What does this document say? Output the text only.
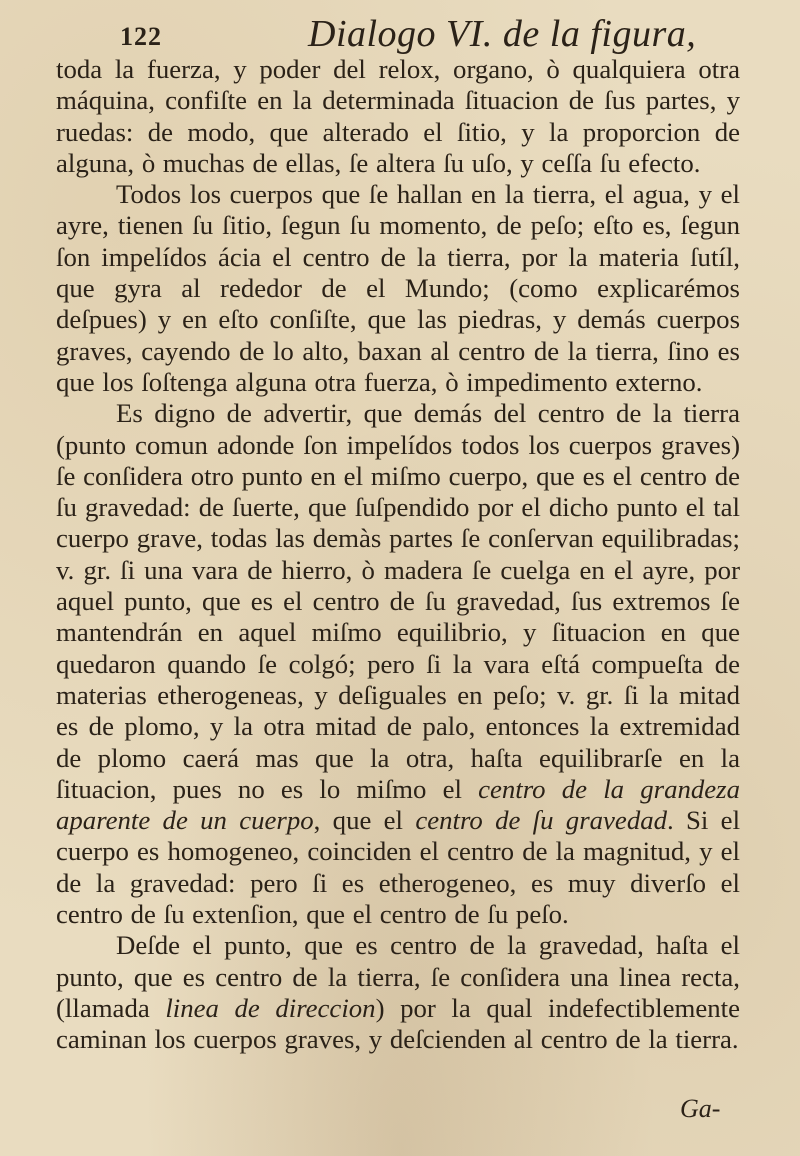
122	Dialogo VI. de la figura,

toda la fuerza, y poder del relox, organo, ò qualquiera otra máquina, confiſte en la determinada ſituacion de ſus partes, y ruedas: de modo, que alterado el ſitio, y la proporcion de alguna, ò muchas de ellas, ſe altera ſu uſo, y ceſſa ſu efecto.

Todos los cuerpos que ſe hallan en la tierra, el agua, y el ayre, tienen ſu ſitio, ſegun ſu momento, de peſo; eſto es, ſegun ſon impelídos ácia el centro de la tierra, por la materia ſutíl, que gyra al rededor de el Mundo; (como explicarémos deſpues) y en eſto conſiſte, que las piedras, y demás cuerpos graves, cayendo de lo alto, baxan al centro de la tierra, ſino es que los ſoſtenga alguna otra fuerza, ò impedimento externo.

Es digno de advertir, que demás del centro de la tierra (punto comun adonde ſon impelídos todos los cuerpos graves) ſe conſidera otro punto en el miſmo cuerpo, que es el centro de ſu gravedad: de ſuerte, que ſuſpendido por el dicho punto el tal cuerpo grave, todas las demàs partes ſe conſervan equilibradas; v. gr. ſi una vara de hierro, ò madera ſe cuelga en el ayre, por aquel punto, que es el centro de ſu gravedad, ſus extremos ſe mantendrán en aquel miſmo equilibrio, y ſituacion en que quedaron quando ſe colgó; pero ſi la vara eſtá compueſta de materias etherogeneas, y deſiguales en peſo; v. gr. ſi la mitad es de plomo, y la otra mitad de palo, entonces la extremidad de plomo caerá mas que la otra, haſta equilibrarſe en la ſituacion, pues no es lo miſmo el centro de la grandeza aparente de un cuerpo, que el centro de ſu gravedad. Si el cuerpo es homogeneo, coinciden el centro de la magnitud, y el de la gravedad: pero ſi es etherogeneo, es muy diverſo el centro de ſu extenſion, que el centro de ſu peſo.

Deſde el punto, que es centro de la gravedad, haſta el punto, que es centro de la tierra, ſe conſidera una linea recta, (llamada linea de direccion) por la qual indefectiblemente caminan los cuerpos graves, y deſcienden al centro de la tierra.

Ga-
